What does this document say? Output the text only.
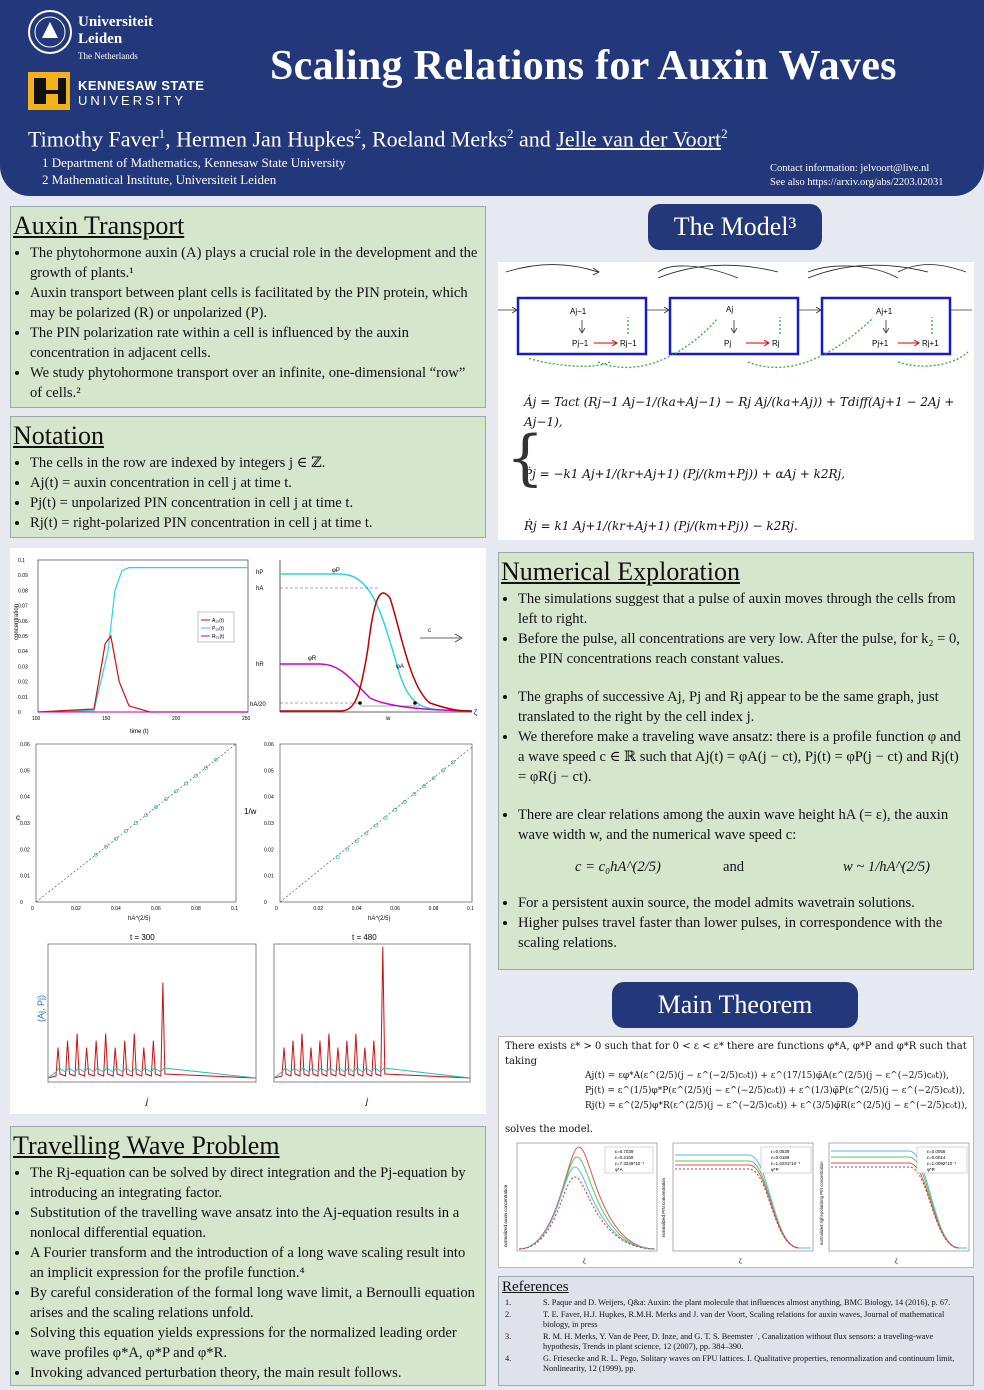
Universiteit
Leiden
The Netherlands
KENNESAW STATE
UNIVERSITY
Scaling Relations for Auxin Waves
Timothy Faver$^1$, Hermen Jan Hupkes$^2$, Roeland Merks$^2$ and Jelle van der Voort$^2$
1 Department of Mathematics, Kennesaw State University
2 Mathematical Institute, Universiteit Leiden
Contact information: jelvoort@live.nl
See also https://arxiv.org/abs/2203.02031
Auxin Transport
• The phytohormone auxin (A) plays a crucial role in the development and the growth of plants.¹
• Auxin transport between plant cells is facilitated by the PIN protein, which may be polarized (R) or unpolarized (P).
• The PIN polarization rate within a cell is influenced by the auxin concentration in adjacent cells.
• We study phytohormone transport over an infinite, one-dimensional “row” of cells.²
Notation
• The cells in the row are indexed by integers j ∈ ℤ.
• Aj(t) = auxin concentration in cell j at time t.
• Pj(t) = unpolarized PIN concentration in cell j at time t.
• Rj(t) = right-polarized PIN concentration in cell j at time t.
concentration
time (t)
0.1
0.09
0.08
0.07
0.06
0.05
0.04
0.03
0.02
0.01
0
100	150	200	250
A₂₅(t)
P₂₅(t)
R₂₅(t)
hP
hA
hR
hA/20
φP
φR
φA
c
w
ζ
c
hA^(2/5)
0.06
0.05
0.04
0.03
0.02
0.01
0
0	0.02	0.04	0.06	0.08	0.1
1/w
hA^(2/5)
0.06
0.05
0.04
0.03
0.02
0.01
0
0	0.02	0.04	0.06	0.08	0.1
t = 300	t = 480
(Aj, Pj)
j	j
Travelling Wave Problem
• The Rj-equation can be solved by direct integration and the Pj-equation by introducing an integrating factor.
• Substitution of the travelling wave ansatz into the Aj-equation results in a nonlocal differential equation.
• A Fourier transform and the introduction of a long wave scaling result into an implicit expression for the profile function.⁴
• By careful consideration of the formal long wave limit, a Bernoulli equation arises and the scaling relations unfold.
• Solving this equation yields expressions for the normalized leading order wave profiles φ*A, φ*P and φ*R.
• Invoking advanced perturbation theory, the main result follows.
The Model³
Aj−1	Aj	Aj+1
Pj−1	Pj	Pj+1
Rj−1	Rj	Rj+1
{
Ȧj = Tact (Rj−1 Aj−1/(ka+Aj−1) − Rj Aj/(ka+Aj)) + Tdiff(Aj+1 − 2Aj + Aj−1),
Ṗj = −k1 Aj+1/(kr+Aj+1) (Pj/(km+Pj)) + αAj + k2Rj,
Ṙj = k1 Aj+1/(kr+Aj+1) (Pj/(km+Pj)) − k2Rj.
Numerical Exploration
• The simulations suggest that a pulse of auxin moves through the cells from left to right.
• Before the pulse, all concentrations are very low. After the pulse, for k₂ = 0, the PIN concentrations reach constant values.
• The graphs of successive Aj, Pj and Rj appear to be the same graph, just translated to the right by the cell index j.
• We therefore make a traveling wave ansatz: there is a profile function φ and a wave speed c ∈ ℝ such that Aj(t) = φA(j − ct), Pj(t) = φP(j − ct) and Rj(t) = φR(j − ct).
• There are clear relations among the auxin wave height hA (= ε), the auxin wave width w, and the numerical wave speed c:
c = c₀hA^(2/5)	and	w ~ 1/hA^(2/5)
• For a persistent auxin source, the model admits wavetrain solutions.
• Higher pulses travel faster than lower pulses, in correspondence with the scaling relations.
Main Theorem
There exists ε* > 0 such that for 0 < ε < ε* there are functions φ*A, φ*P and φ*R such that taking
Aj(t) = εφ*A(ε^(2/5)(j − ε^(−2/5)c₀t)) + ε^(17/15)φ̃A(ε^(2/5)(j − ε^(−2/5)c₀t)),
Pj(t) = ε^(1/5)φ*P(ε^(2/5)(j − ε^(−2/5)c₀t)) + ε^(1/3)φ̃P(ε^(2/5)(j − ε^(−2/5)c₀t)),
Rj(t) = ε^(2/5)φ*R(ε^(2/5)(j − ε^(−2/5)c₀t)) + ε^(3/5)φ̃R(ε^(2/5)(j − ε^(−2/5)c₀t)),
solves the model.
normalized auxin concentration
ε=6.7039
ε=0.2169
ε=7.3249*10⁻⁴
φ*A
ζ
normalized PIN concentration
ε=0.0539
ε=0.0168
ε=1.6231*10⁻⁴
φ*P
ζ
normalized right-polarizing PIN concentration
ε=0.0056
ε=0.0014
ε=1.0092*10⁻⁴
φ*R
ζ
References
1.	S. Paque and D. Weijers, Q&a: Auxin: the plant molecule that influences almost anything, BMC Biology, 14 (2016), p. 67.
2.	T. E. Faver, H.J. Hupkes, R.M.H. Merks and J. van der Voort, Scaling relations for auxin waves, Journal of mathematical biology, in press
3.	R. M. H. Merks, Y. Van de Peer, D. Inze, and G. T. S. Beemster ˙, Canalization without flux sensors: a traveling-wave hypothesis, Trends in plant science, 12 (2007), pp. 384–390.
4.	G. Friesecke and R. L. Pego, Solitary waves on FPU lattices. I. Qualitative properties, renormalization and continuum limit, Nonlinearity, 12 (1999), pp.
